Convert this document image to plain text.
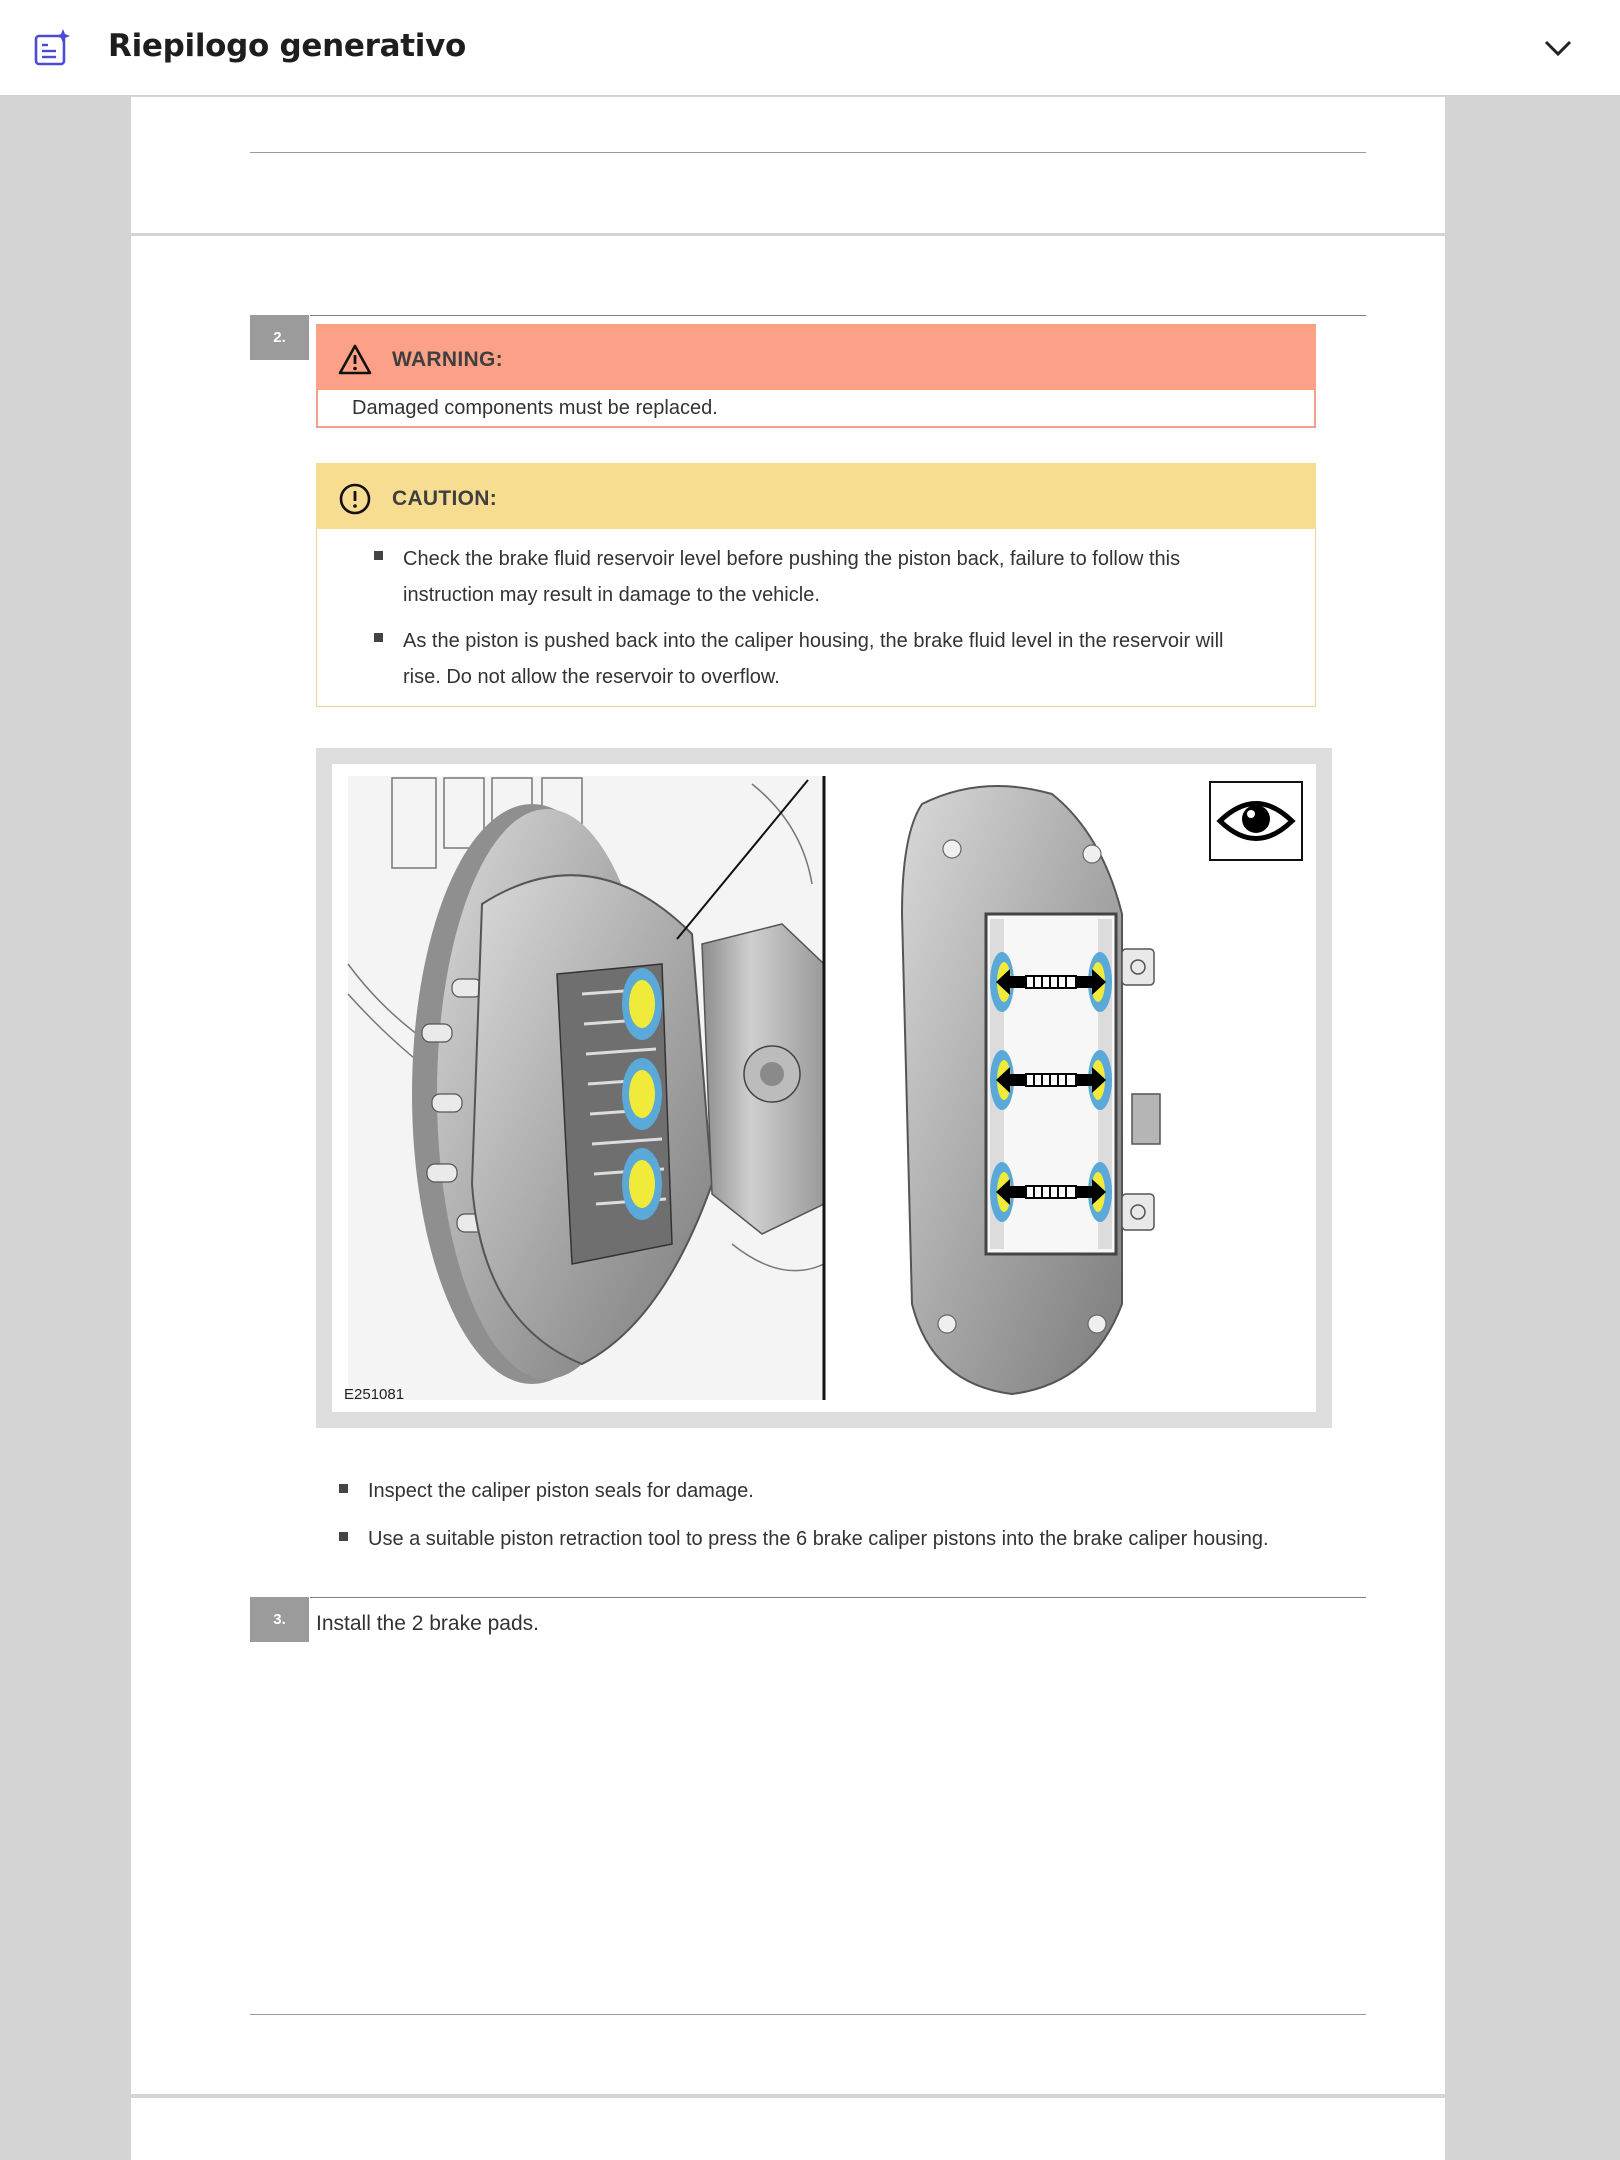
Riepilogo generativo
2.
WARNING:
Damaged components must be replaced.
CAUTION:
Check the brake fluid reservoir level before pushing the piston back, failure to follow this
instruction may result in damage to the vehicle.
As the piston is pushed back into the caliper housing, the brake fluid level in the reservoir will
rise. Do not allow the reservoir to overflow.
E251081
Inspect the caliper piston seals for damage.
Use a suitable piston retraction tool to press the 6 brake caliper pistons into the brake caliper housing.
3.	Install the 2 brake pads.
